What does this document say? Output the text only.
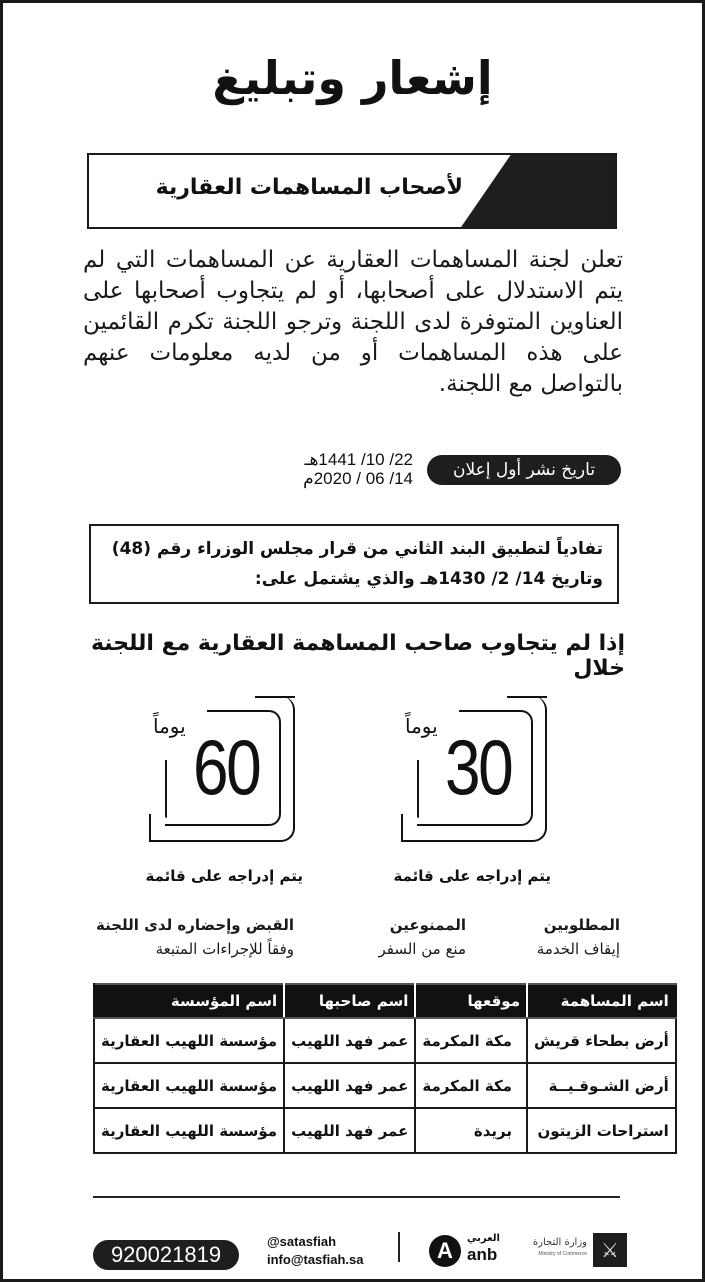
إشعار وتبليغ
لأصحاب المساهمات العقارية

تعلن لجنة المساهمات العقارية عن المساهمات التي لم يتم الاستدلال على أصحابها، أو لم يتجاوب أصحابها على العناوين المتوفرة لدى اللجنة وترجو اللجنة تكرم القائمين على هذه المساهمات أو من لديه معلومات عنهم بالتواصل مع اللجنة.

تاريخ نشر أول إعلان
22/ 10/ 1441هـ
14/ 06 / 2020م
تفادياً لتطبيق البند الثاني من قرار مجلس الوزراء رقم (48)
وتاريخ 14/ 2/ 1430هـ والذي يشتمل على:
إذا لم يتجاوب صاحب المساهمة العقارية مع اللجنة خلال
30
يوماً
60
يوماً
يتم إدراجه على قائمة
يتم إدراجه على قائمة
المطلوبين
إيقاف الخدمة
الممنوعين
منع من السفر
القبض وإحضاره لدى اللجنة
وفقاً للإجراءات المتبعة
اسم المساهمة	موقعها	اسم صاحبها	اسم المؤسسة
أرض بطحاء قريش	مكة المكرمة	عمر فهد اللهيب	مؤسسة اللهيب العقارية
أرض الشـوقـيــة	مكة المكرمة	عمر فهد اللهيب	مؤسسة اللهيب العقارية
استراحات الزيتون	بريدة	عمر فهد اللهيب	مؤسسة اللهيب العقارية
920021819
@satasfiah
info@tasfiah.sa	A	العربي
anb
وزارة التجارة
Ministry of Commerce ⚔
